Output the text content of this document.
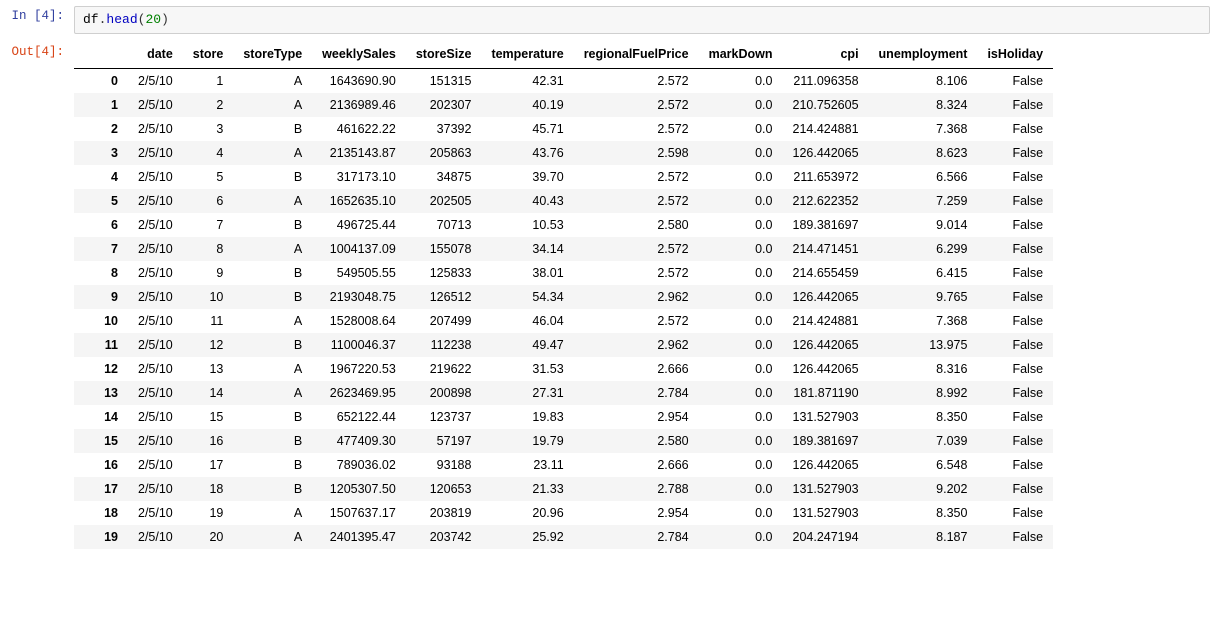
In [4]:	df.head(20)
Out[4]:
		date	store	storeType	weeklySales	storeSize	temperature	regionalFuelPrice	markDown	cpi	unemployment	isHoliday
0	2/5/10	1	A	1643690.90	151315	42.31	2.572	0.0	211.096358	8.106	False
1	2/5/10	2	A	2136989.46	202307	40.19	2.572	0.0	210.752605	8.324	False
2	2/5/10	3	B	461622.22	37392	45.71	2.572	0.0	214.424881	7.368	False
3	2/5/10	4	A	2135143.87	205863	43.76	2.598	0.0	126.442065	8.623	False
4	2/5/10	5	B	317173.10	34875	39.70	2.572	0.0	211.653972	6.566	False
5	2/5/10	6	A	1652635.10	202505	40.43	2.572	0.0	212.622352	7.259	False
6	2/5/10	7	B	496725.44	70713	10.53	2.580	0.0	189.381697	9.014	False
7	2/5/10	8	A	1004137.09	155078	34.14	2.572	0.0	214.471451	6.299	False
8	2/5/10	9	B	549505.55	125833	38.01	2.572	0.0	214.655459	6.415	False
9	2/5/10	10	B	2193048.75	126512	54.34	2.962	0.0	126.442065	9.765	False
10	2/5/10	11	A	1528008.64	207499	46.04	2.572	0.0	214.424881	7.368	False
11	2/5/10	12	B	1100046.37	112238	49.47	2.962	0.0	126.442065	13.975	False
12	2/5/10	13	A	1967220.53	219622	31.53	2.666	0.0	126.442065	8.316	False
13	2/5/10	14	A	2623469.95	200898	27.31	2.784	0.0	181.871190	8.992	False
14	2/5/10	15	B	652122.44	123737	19.83	2.954	0.0	131.527903	8.350	False
15	2/5/10	16	B	477409.30	57197	19.79	2.580	0.0	189.381697	7.039	False
16	2/5/10	17	B	789036.02	93188	23.11	2.666	0.0	126.442065	6.548	False
17	2/5/10	18	B	1205307.50	120653	21.33	2.788	0.0	131.527903	9.202	False
18	2/5/10	19	A	1507637.17	203819	20.96	2.954	0.0	131.527903	8.350	False
19	2/5/10	20	A	2401395.47	203742	25.92	2.784	0.0	204.247194	8.187	False
